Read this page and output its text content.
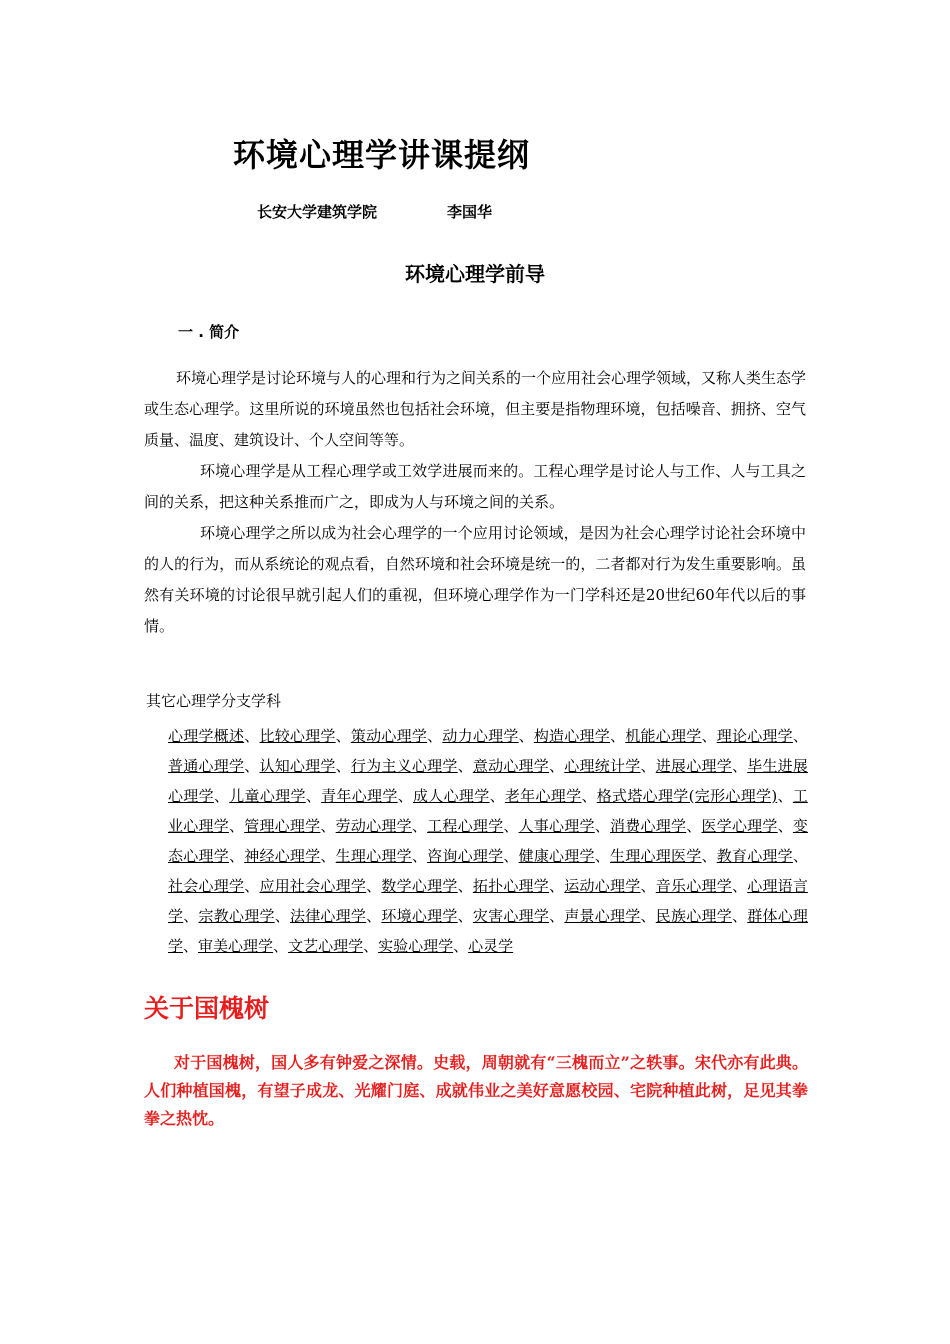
环境心理学讲课提纲
长安大学建筑学院	李国华
环境心理学前导
一 . 简介

环境心理学是讨论环境与人的心理和行为之间关系的一个应用社会心理学领域，又称人类生态学或生态心理学。这里所说的环境虽然也包括社会环境，但主要是指物理环境，包括噪音、拥挤、空气质量、温度、建筑设计、个人空间等等。

环境心理学是从工程心理学或工效学进展而来的。工程心理学是讨论人与工作、人与工具之间的关系，把这种关系推而广之，即成为人与环境之间的关系。

环境心理学之所以成为社会心理学的一个应用讨论领域，是因为社会心理学讨论社会环境中的人的行为，而从系统论的观点看，自然环境和社会环境是统一的，二者都对行为发生重要影响。虽然有关环境的讨论很早就引起人们的重视，但环境心理学作为一门学科还是20世纪60年代以后的事情。

其它心理学分支学科
心理学概述、比较心理学、策动心理学、动力心理学、构造心理学、机能心理学、理论心理学、普通心理学、认知心理学、行为主义心理学、意动心理学、心理统计学、进展心理学、毕生进展心理学、儿童心理学、青年心理学、成人心理学、老年心理学、格式塔心理学(完形心理学)、工业心理学、管理心理学、劳动心理学、工程心理学、人事心理学、消费心理学、医学心理学、变态心理学、神经心理学、生理心理学、咨询心理学、健康心理学、生理心理医学、教育心理学、社会心理学、应用社会心理学、数学心理学、拓扑心理学、运动心理学、音乐心理学、心理语言学、宗教心理学、法律心理学、环境心理学、灾害心理学、声景心理学、民族心理学、群体心理学、审美心理学、文艺心理学、实验心理学、心灵学
关于国槐树

对于国槐树，国人多有钟爱之深情。史载，周朝就有“三槐而立”之轶事。宋代亦有此典。人们种植国槐，有望子成龙、光耀门庭、成就伟业之美好意愿校园、宅院种植此树，足见其拳拳之热忱。
